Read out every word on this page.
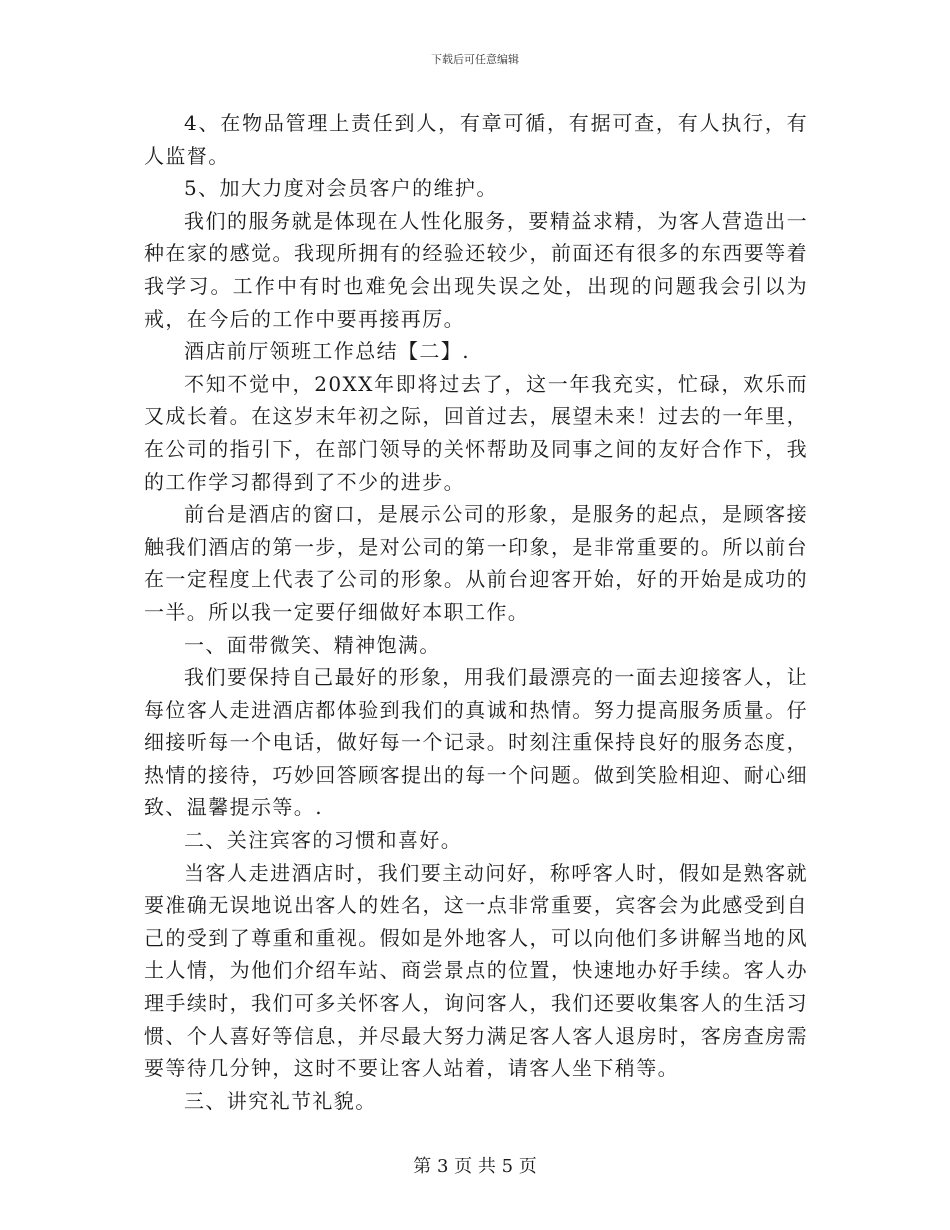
下载后可任意编辑

4、在物品管理上责任到人，有章可循，有据可查，有人执行，有人监督。

5、加大力度对会员客户的维护。

我们的服务就是体现在人性化服务，要精益求精，为客人营造出一种在家的感觉。我现所拥有的经验还较少，前面还有很多的东西要等着我学习。工作中有时也难免会出现失误之处，出现的问题我会引以为戒，在今后的工作中要再接再厉。

酒店前厅领班工作总结【二】.

不知不觉中，20XX年即将过去了，这一年我充实，忙碌，欢乐而又成长着。在这岁末年初之际，回首过去，展望未来！过去的一年里，在公司的指引下，在部门领导的关怀帮助及同事之间的友好合作下，我的工作学习都得到了不少的进步。

前台是酒店的窗口，是展示公司的形象，是服务的起点，是顾客接触我们酒店的第一步，是对公司的第一印象，是非常重要的。所以前台在一定程度上代表了公司的形象。从前台迎客开始，好的开始是成功的一半。所以我一定要仔细做好本职工作。

一、面带微笑、精神饱满。

我们要保持自己最好的形象，用我们最漂亮的一面去迎接客人，让每位客人走进酒店都体验到我们的真诚和热情。努力提高服务质量。仔细接听每一个电话，做好每一个记录。时刻注重保持良好的服务态度，热情的接待，巧妙回答顾客提出的每一个问题。做到笑脸相迎、耐心细致、温馨提示等。.

二、关注宾客的习惯和喜好。

当客人走进酒店时，我们要主动问好，称呼客人时，假如是熟客就要准确无误地说出客人的姓名，这一点非常重要，宾客会为此感受到自己的受到了尊重和重视。假如是外地客人，可以向他们多讲解当地的风土人情，为他们介绍车站、商尝景点的位置，快速地办好手续。客人办理手续时，我们可多关怀客人，询问客人，我们还要收集客人的生活习惯、个人喜好等信息，并尽最大努力满足客人客人退房时，客房查房需要等待几分钟，这时不要让客人站着，请客人坐下稍等。

三、讲究礼节礼貌。

第 3 页 共 5 页
